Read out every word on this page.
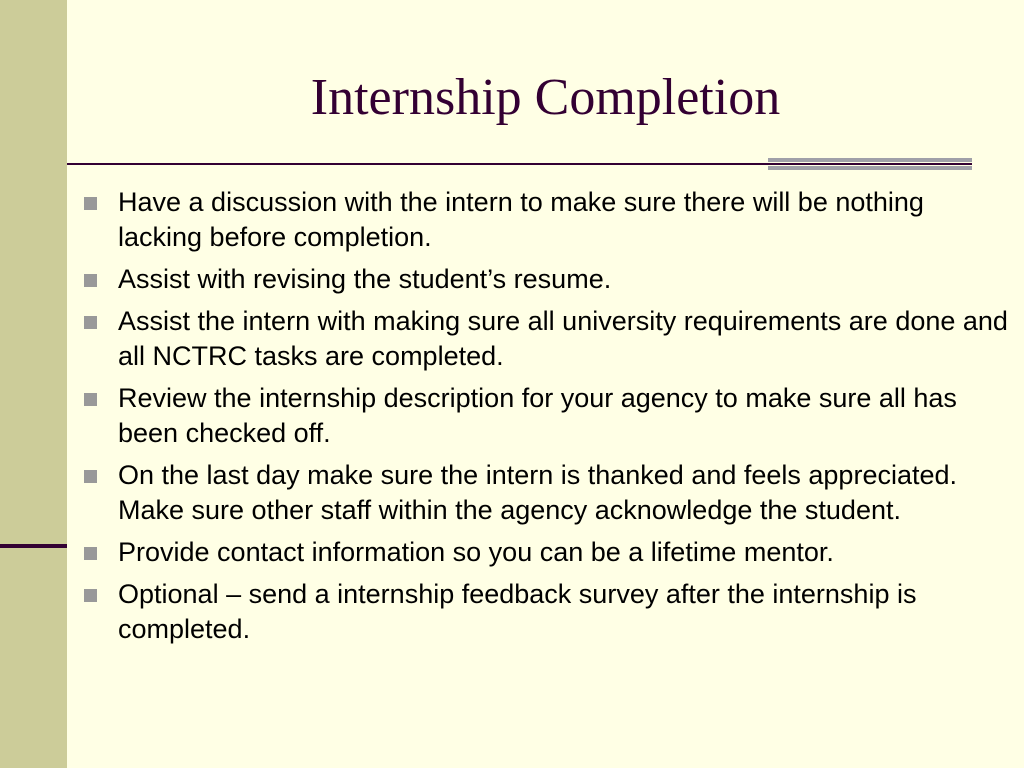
Internship Completion
Have a discussion with the intern to make sure there will be nothing lacking before completion.
Assist with revising the student’s resume.
Assist the intern with making sure all university requirements are done and all NCTRC tasks are completed.
Review the internship description for your agency to make sure all has been checked off.
On the last day make sure the intern is thanked and feels appreciated. Make sure other staff within the agency acknowledge the student.
Provide contact information so you can be a lifetime mentor.
Optional – send a internship feedback survey after the internship is completed.
